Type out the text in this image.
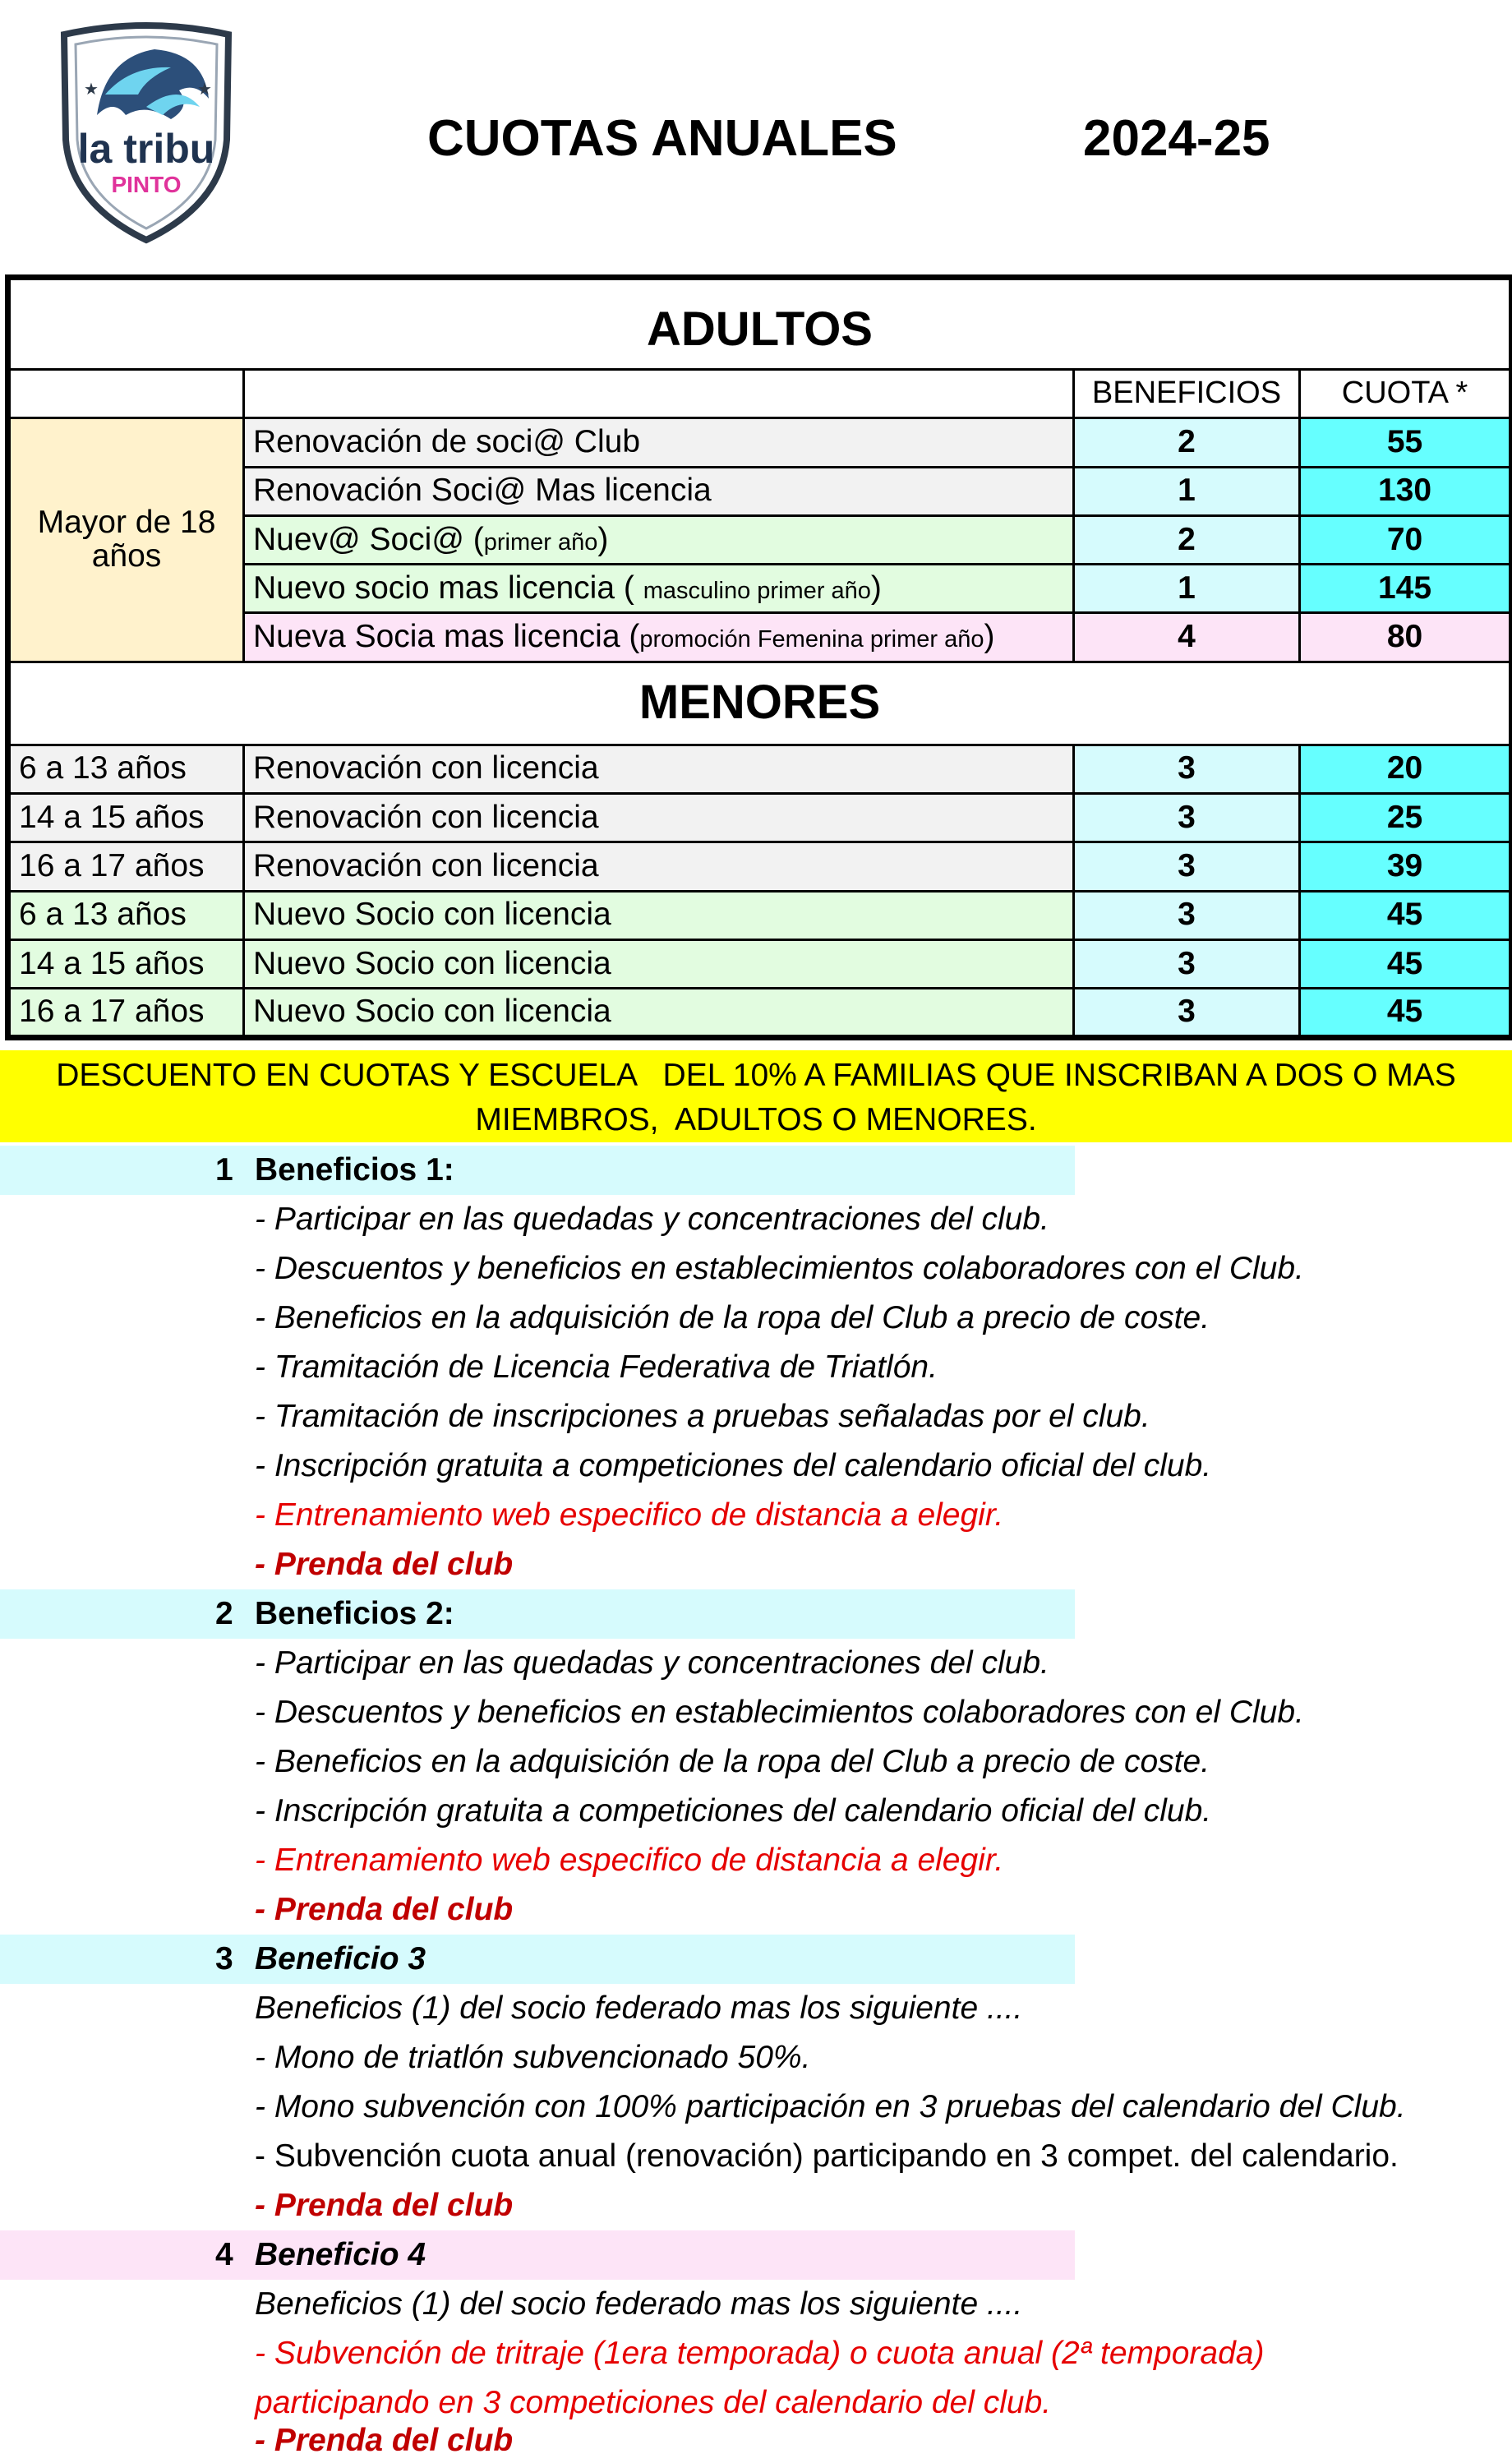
la tribu
PINTO
★	★
CUOTAS ANUALES	2024-25
ADULTOS			
		BENEFICIOS	CUOTA *
Mayor de 18 años	Renovación de soci@ Club	2	55
	Renovación Soci@ Mas licencia	1	130
	Nuev@ Soci@ (primer año)	2	70
	Nuevo socio mas licencia ( masculino primer año)	1	145
	Nueva Socia mas licencia (promoción Femenina primer año)	4	80
MENORES			
6 a 13 años	Renovación con licencia	3	20
14 a 15 años	Renovación con licencia	3	25
16 a 17 años	Renovación con licencia	3	39
6 a 13 años	Nuevo Socio con licencia	3	45
14 a 15 años	Nuevo Socio con licencia	3	45
16 a 17 años	Nuevo Socio con licencia	3	45
DESCUENTO EN CUOTAS Y ESCUELA   DEL 10% A FAMILIAS QUE INSCRIBAN A DOS O MAS
MIEMBROS,  ADULTOS O MENORES.
1 Beneficios 1:
- Participar en las quedadas y concentraciones del club.
- Descuentos y beneficios en establecimientos colaboradores con el Club.
- Beneficios en la adquisición de la ropa del Club a precio de coste.
- Tramitación de Licencia Federativa de Triatlón.
- Tramitación de inscripciones a pruebas señaladas por el club.
- Inscripción gratuita a competiciones del calendario oficial del club.
- Entrenamiento web especifico de distancia a elegir.
- Prenda del club
2 Beneficios 2:
- Participar en las quedadas y concentraciones del club.
- Descuentos y beneficios en establecimientos colaboradores con el Club.
- Beneficios en la adquisición de la ropa del Club a precio de coste.
- Inscripción gratuita a competiciones del calendario oficial del club.
- Entrenamiento web especifico de distancia a elegir.
- Prenda del club
3 Beneficio 3
Beneficios (1) del socio federado mas los siguiente ....
- Mono de triatlón subvencionado 50%.
- Mono subvención con 100% participación en 3 pruebas del calendario del Club.
- Subvención cuota anual (renovación) participando en 3 compet. del calendario.
- Prenda del club
4 Beneficio 4
Beneficios (1) del socio federado mas los siguiente ....
- Subvención de tritraje (1era temporada) o cuota anual (2ª temporada)
participando en 3 competiciones del calendario del club.
- Prenda del club
